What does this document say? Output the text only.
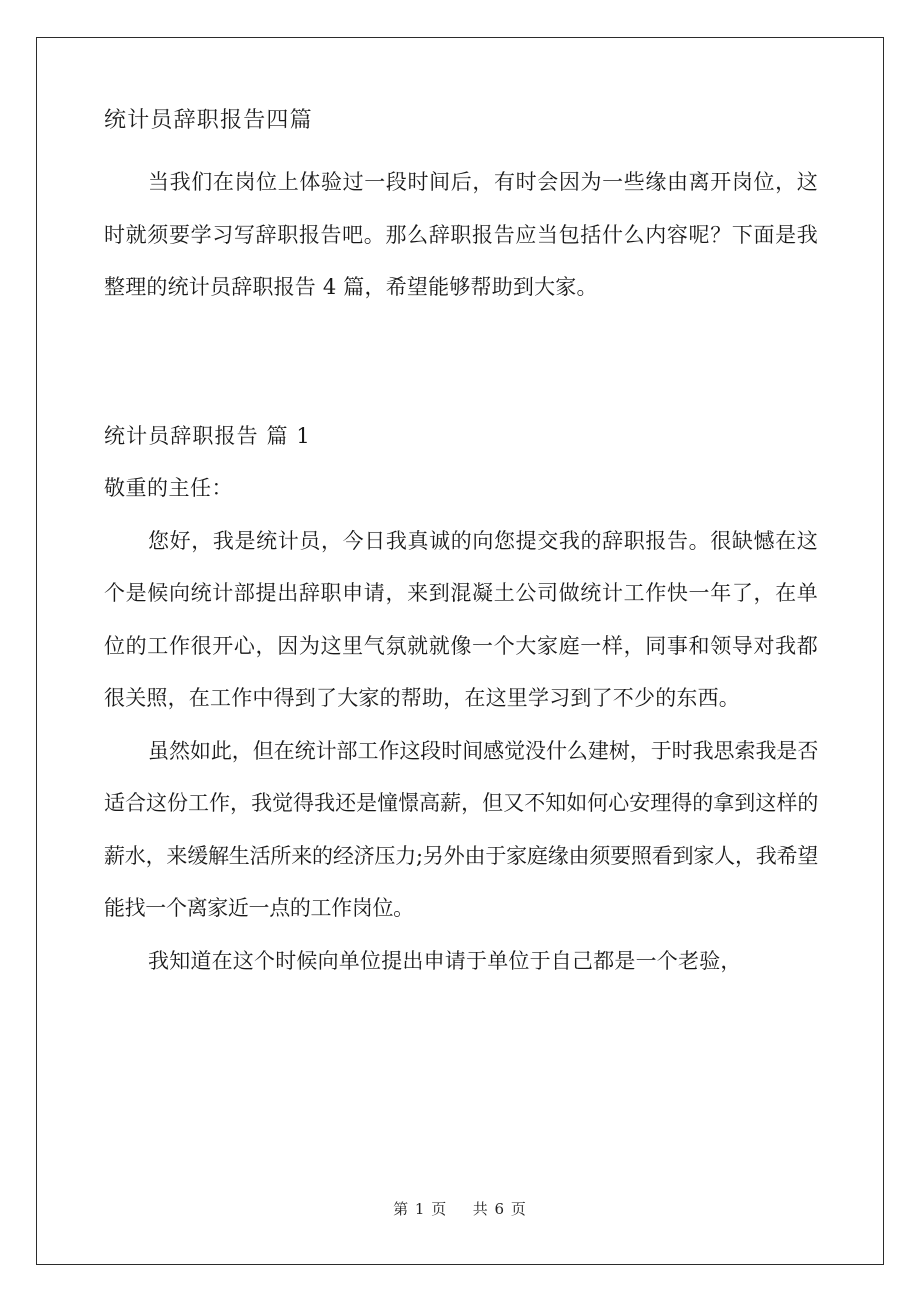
统计员辞职报告四篇

当我们在岗位上体验过一段时间后，有时会因为一些缘由离开岗位，这时就须要学习写辞职报告吧。那么辞职报告应当包括什么内容呢？下面是我整理的统计员辞职报告 4 篇，希望能够帮助到大家。

统计员辞职报告 篇 1

敬重的主任：

您好，我是统计员，今日我真诚的向您提交我的辞职报告。很缺憾在这个是候向统计部提出辞职申请，来到混凝土公司做统计工作快一年了，在单位的工作很开心，因为这里气氛就就像一个大家庭一样，同事和领导对我都很关照，在工作中得到了大家的帮助，在这里学习到了不少的东西。

虽然如此，但在统计部工作这段时间感觉没什么建树，于时我思索我是否适合这份工作，我觉得我还是憧憬高薪，但又不知如何心安理得的拿到这样的薪水，来缓解生活所来的经济压力;另外由于家庭缘由须要照看到家人，我希望能找一个离家近一点的工作岗位。

我知道在这个时候向单位提出申请于单位于自己都是一个老验，

第 1 页 共 6 页
